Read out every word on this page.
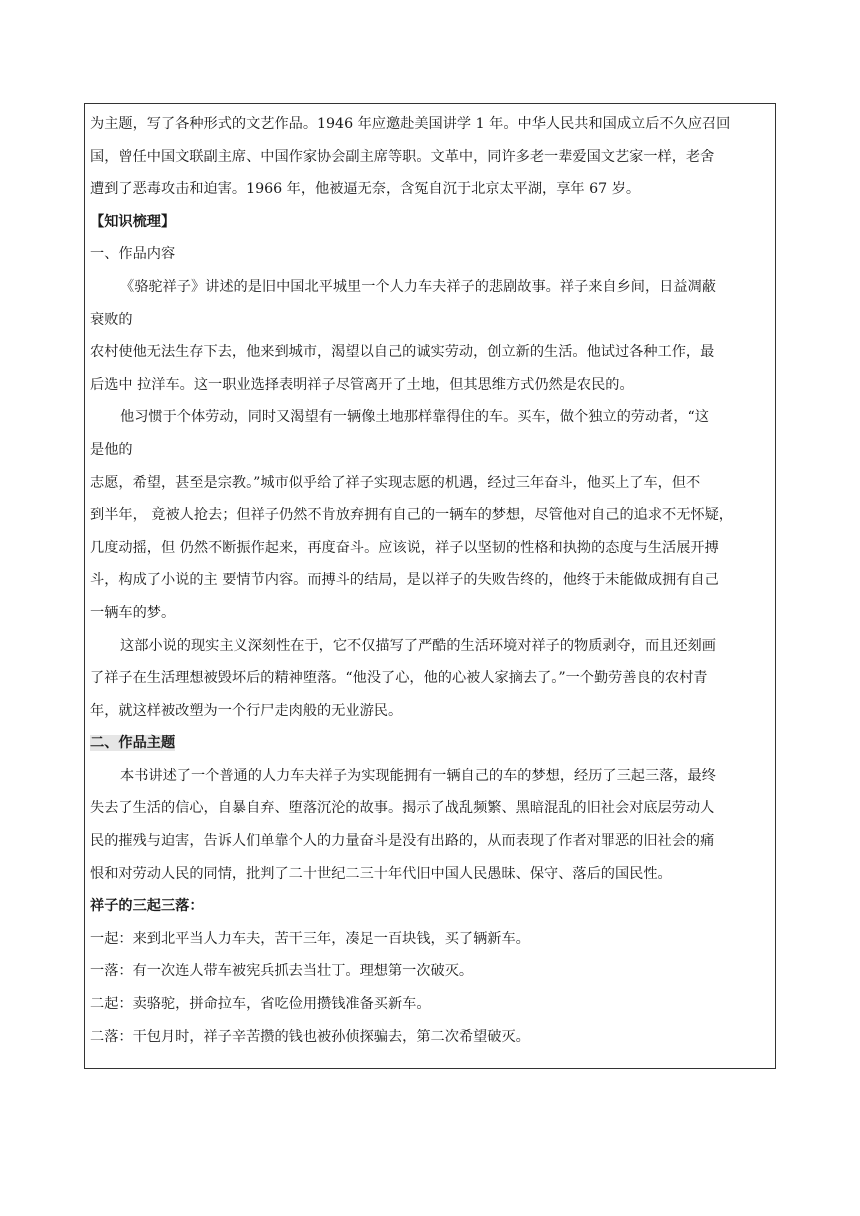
为主题，写了各种形式的文艺作品。1946 年应邀赴美国讲学 1 年。中华人民共和国成立后不久应召回

国，曾任中国文联副主席、中国作家协会副主席等职。文革中，同许多老一辈爱国文艺家一样，老舍

遭到了恶毒攻击和迫害。1966 年，他被逼无奈，含冤自沉于北京太平湖，享年 67 岁。

【知识梳理】

一、作品内容

《骆驼祥子》讲述的是旧中国北平城里一个人力车夫祥子的悲剧故事。祥子来自乡间，日益凋蔽

衰败的

农村使他无法生存下去，他来到城市，渴望以自己的诚实劳动，创立新的生活。他试过各种工作，最

后选中 拉洋车。这一职业选择表明祥子尽管离开了土地，但其思维方式仍然是农民的。

他习惯于个体劳动，同时又渴望有一辆像土地那样靠得住的车。买车，做个独立的劳动者，“这

是他的

志愿，希望，甚至是宗教。”城市似乎给了祥子实现志愿的机遇，经过三年奋斗，他买上了车，但不

到半年， 竟被人抢去；但祥子仍然不肯放弃拥有自己的一辆车的梦想，尽管他对自己的追求不无怀疑，

几度动摇，但 仍然不断振作起来，再度奋斗。应该说，祥子以坚韧的性格和执拗的态度与生活展开搏

斗，构成了小说的主 要情节内容。而搏斗的结局，是以祥子的失败告终的，他终于未能做成拥有自己

一辆车的梦。

这部小说的现实主义深刻性在于，它不仅描写了严酷的生活环境对祥子的物质剥夺，而且还刻画

了祥子在生活理想被毁坏后的精神堕落。“他没了心，他的心被人家摘去了。”一个勤劳善良的农村青

年，就这样被改塑为一个行尸走肉般的无业游民。

二、作品主题

本书讲述了一个普通的人力车夫祥子为实现能拥有一辆自己的车的梦想，经历了三起三落，最终

失去了生活的信心，自暴自弃、堕落沉沦的故事。揭示了战乱频繁、黑暗混乱的旧社会对底层劳动人

民的摧残与迫害，告诉人们单靠个人的力量奋斗是没有出路的，从而表现了作者对罪恶的旧社会的痛

恨和对劳动人民的同情，批判了二十世纪二三十年代旧中国人民愚昧、保守、落后的国民性。

祥子的三起三落：

一起：来到北平当人力车夫，苦干三年，凑足一百块钱，买了辆新车。

一落：有一次连人带车被宪兵抓去当壮丁。理想第一次破灭。

二起：卖骆驼，拼命拉车，省吃俭用攒钱准备买新车。

二落：干包月时，祥子辛苦攒的钱也被孙侦探骗去，第二次希望破灭。
